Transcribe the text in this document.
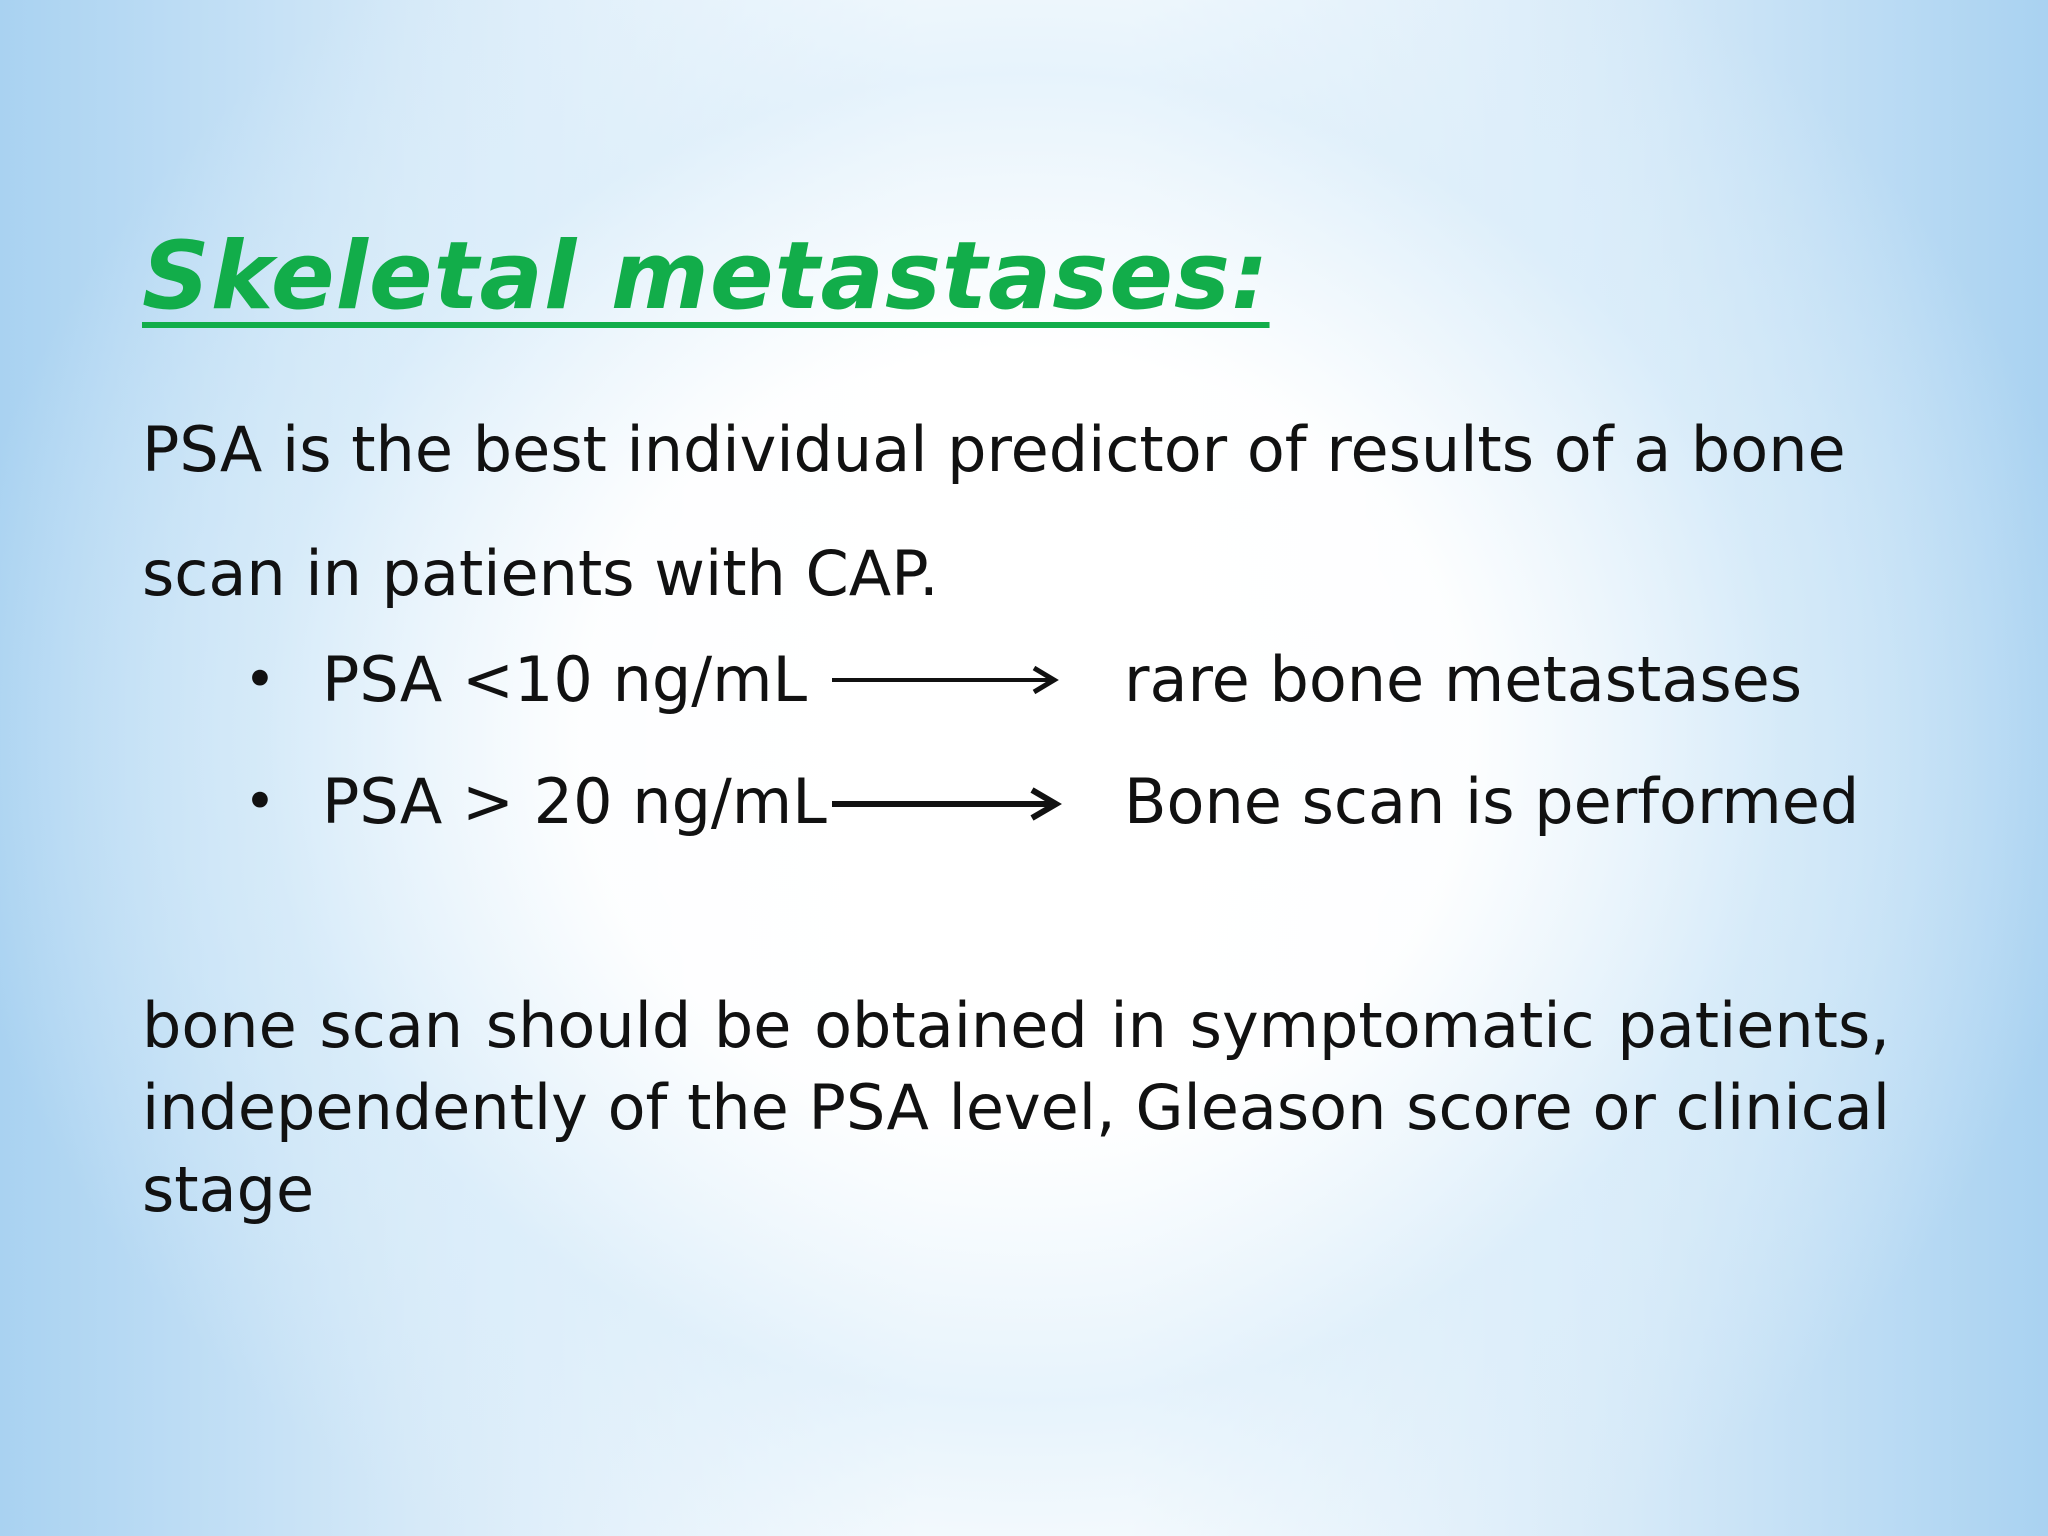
Skeletal metastases:
PSA is the best individual predictor of results of a bone
scan in patients with CAP.
• PSA <10 ng/mL	rare bone metastases
• PSA > 20 ng/mL	Bone scan is performed
bone scan should be obtained in symptomatic patients, independently of the PSA level, Gleason score or clinical stage
